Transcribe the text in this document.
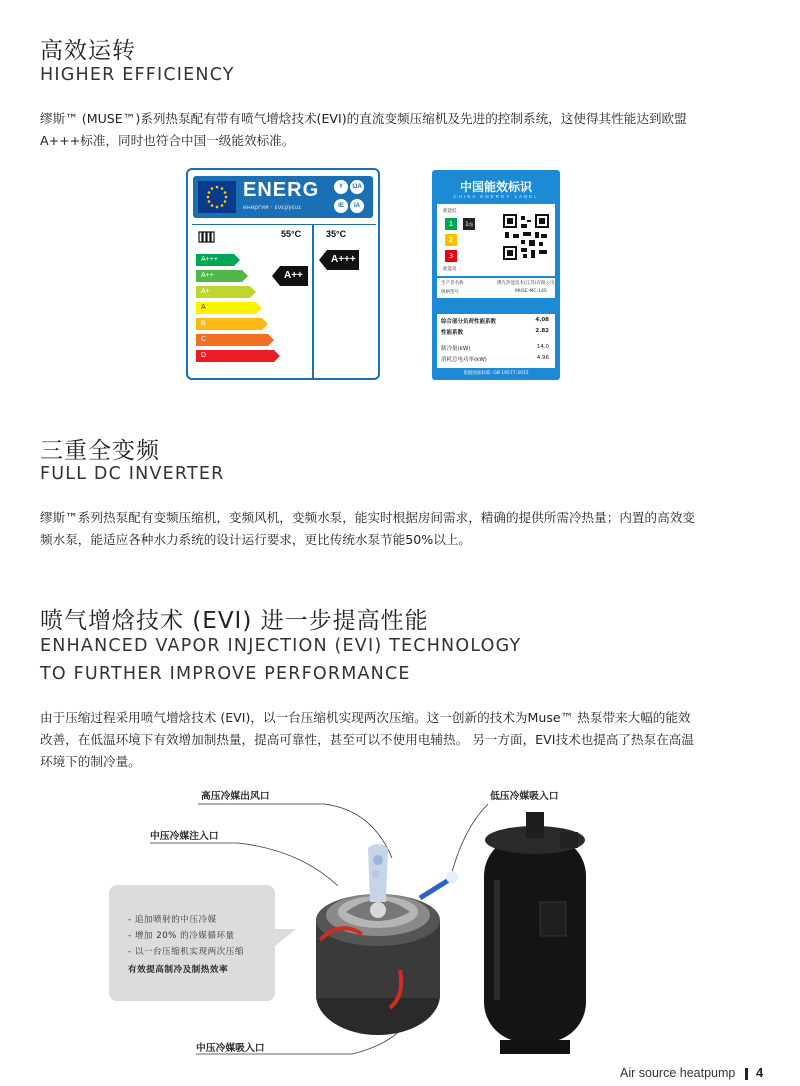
高效运转
HIGHER EFFICIENCY
缪斯™ (MUSE™)系列热泵配有带有喷气增焓技术(EVI)的直流变频压缩机及先进的控制系统，这使得其性能达到欧盟
A+++标准，同时也符合中国一级能效标准。
ENERG
енергия · ενεργεια
Y	IJA
IE	IA
55°C	35°C
A+++
A++
A+
A
B
C
D
A++
A+++
中国能效标识
CHINA ENERGY LABEL
耗能低
1
2
3
1级
耗能高
生产者名称	佛光热能技术(江苏)有限公司
规格型号	MUSE-MC-14S
综合部分负荷性能系数	4.08
性能系数	2.82
制冷量(kW)	14.0
消耗总电功率(kW)	4.96
依据国家标准: GB 19577-2015
三重全变频
FULL DC INVERTER
缪斯™系列热泵配有变频压缩机，变频风机，变频水泵，能实时根据房间需求，精确的提供所需冷热量；内置的高效变
频水泵，能适应各种水力系统的设计运行要求，更比传统水泵节能50%以上。
喷气增焓技术 (EVI) 进一步提高性能
ENHANCED VAPOR INJECTION (EVI) TECHNOLOGY
TO FURTHER IMPROVE PERFORMANCE
由于压缩过程采用喷气增焓技术 (EVI)，以一台压缩机实现两次压缩。这一创新的技术为Muse™ 热泵带来大幅的能效
改善，在低温环境下有效增加制热量，提高可靠性，甚至可以不使用电辅热。 另一方面，EVI技术也提高了热泵在高温
环境下的制冷量。
高压冷媒出风口	低压冷媒吸入口
中压冷媒注入口
中压冷媒吸入口
- 追加喷射的中压冷媒
- 增加 20% 的冷媒循环量
- 以一台压缩机实现两次压缩
有效提高制冷及制热效率
Air source heatpump 4
